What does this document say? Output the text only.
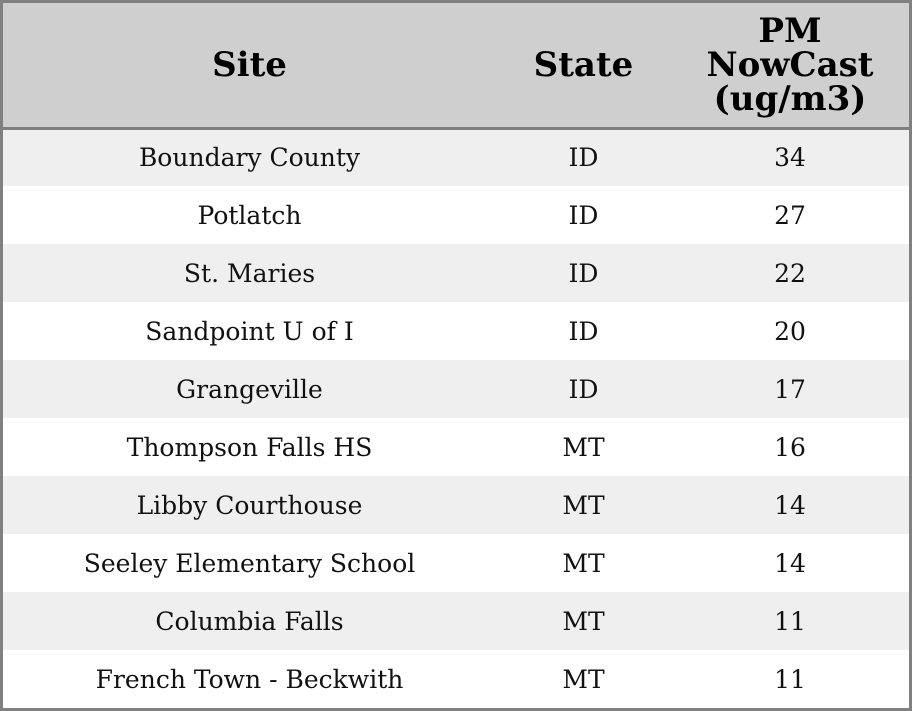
Site	State	PM
NowCast
(ug/m3)

Boundary County	ID	34
Potlatch	ID	27
St. Maries	ID	22
Sandpoint U of I	ID	20
Grangeville	ID	17
Thompson Falls HS	MT	16
Libby Courthouse	MT	14
Seeley Elementary School	MT	14
Columbia Falls	MT	11
French Town - Beckwith	MT	11
